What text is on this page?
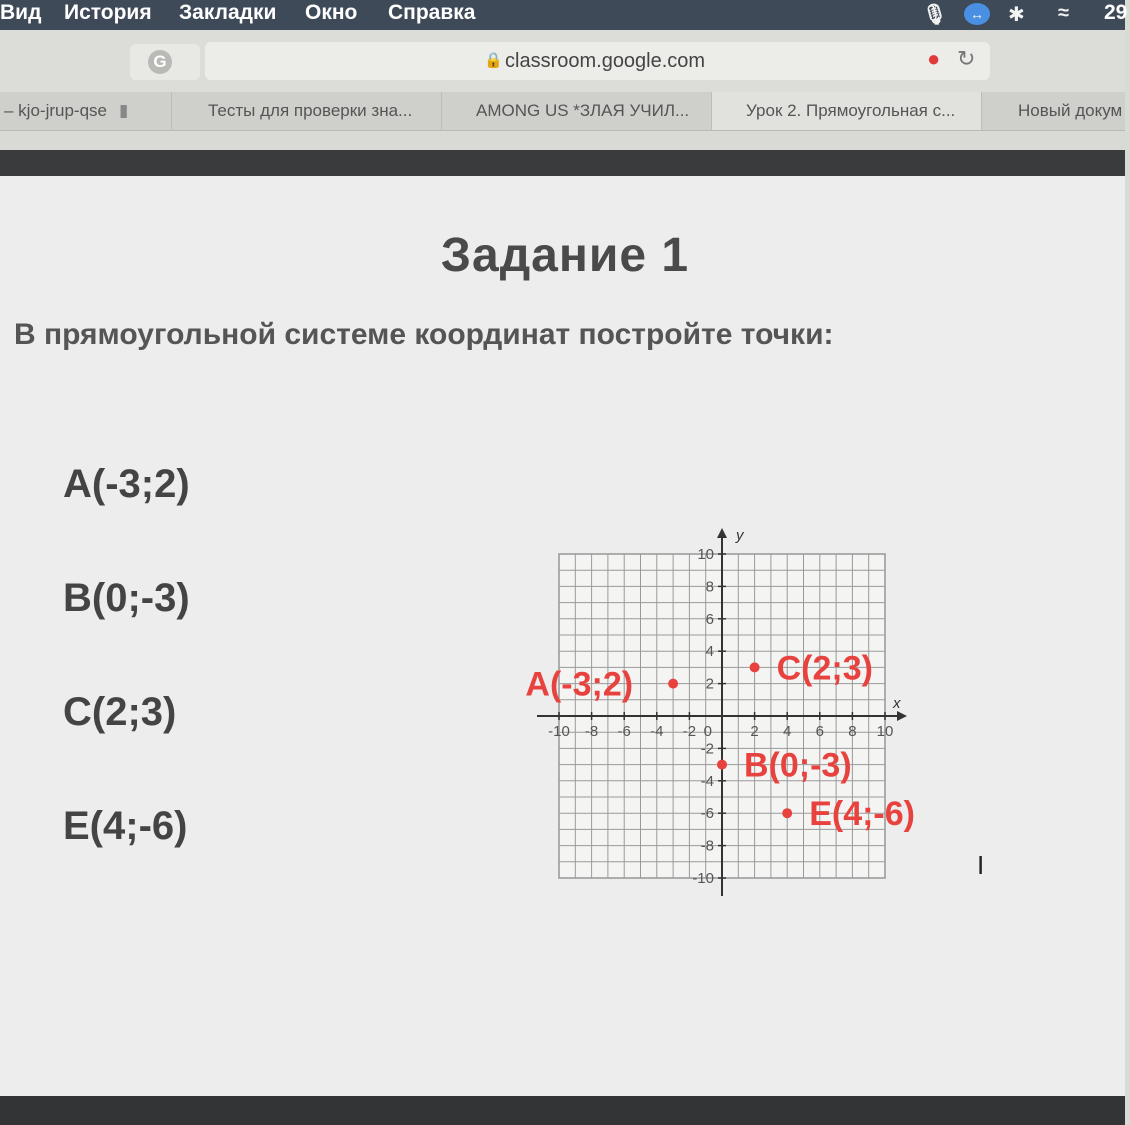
Вид История Закладки Окно Справка	🎙	↔	✱ ≈ 29
G	🔒 classroom.google.com	● ↻
– kjo-jrup-qse ▮	Тесты для проверки зна...	AMONG US *ЗЛАЯ УЧИЛ...	Урок 2. Прямоугольная с...	Новый докум
Задание 1
В прямоугольной системе координат постройте точки:
A(-3;2)
B(0;-3)
C(2;3)
E(4;-6)
x
y
-10 -8 -6 -4 -2	2 4 6 8 10
10
8
6
4
2
-2
-4
-6
-8
-10
0
A(-3;2)
B(0;-3)
C(2;3)
E(4;-6)
I
